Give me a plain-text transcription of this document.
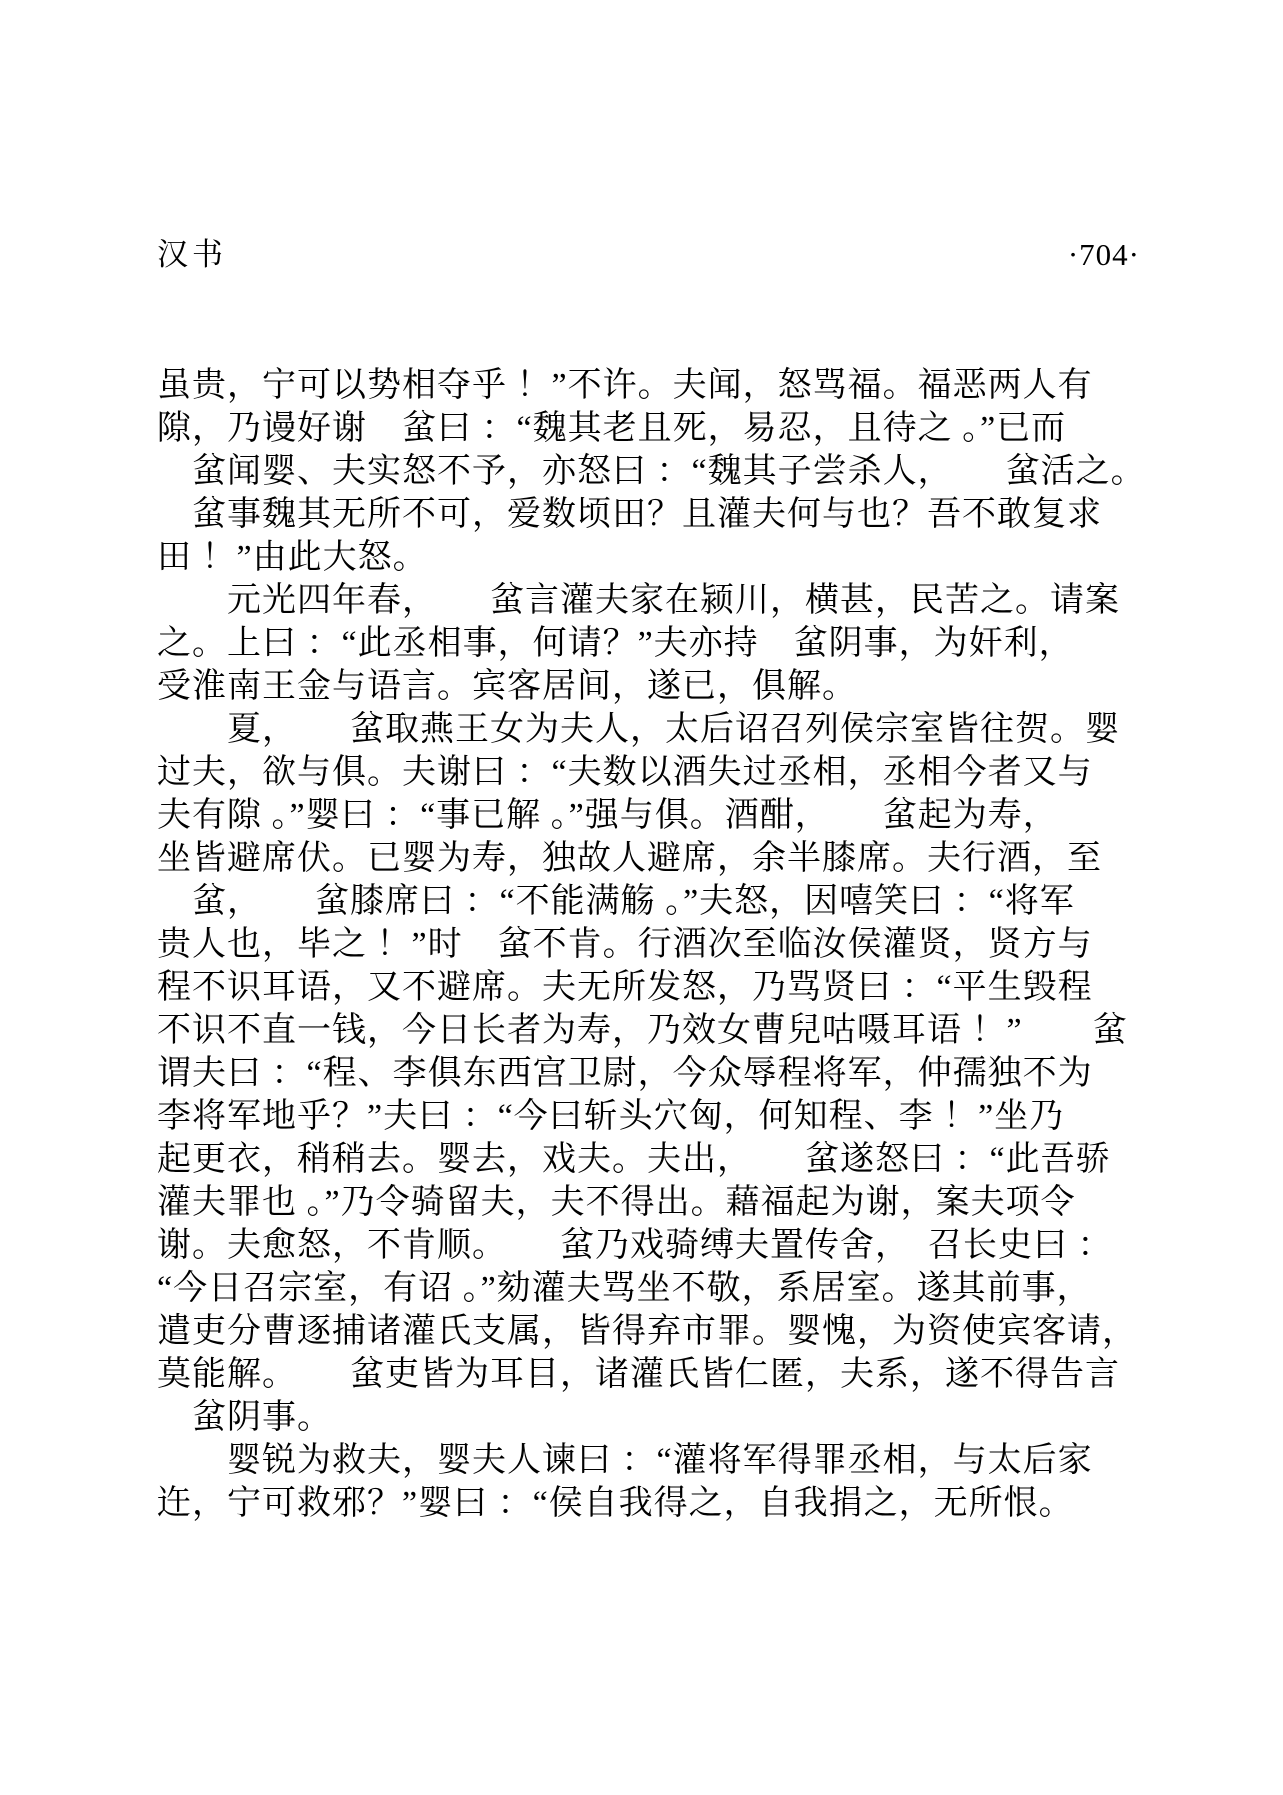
汉书	·704·
虽贵，宁可以势相夺乎 ！”不许。夫闻，怒骂福。福恶两人有
隙，乃谩好谢　蚠曰 ：“魏其老且死，易忍，且待之 。”已而
　蚠闻婴、夫实怒不予，亦怒曰 ：“魏其子尝杀人，　　蚠活之。
　蚠事魏其无所不可，爱数顷田？且灌夫何与也？吾不敢复求
田 ！”由此大怒。
　　元光四年春，　　蚠言灌夫家在颍川，横甚，民苦之。请案
之。上曰 ：“此丞相事，何请？”夫亦持　蚠阴事，为奸利，
受淮南王金与语言。宾客居间，遂已，俱解。
　　夏，　　蚠取燕王女为夫人，太后诏召列侯宗室皆往贺。婴
过夫，欲与俱。夫谢曰 ：“夫数以酒失过丞相，丞相今者又与
夫有隙 。”婴曰 ：“事已解 。”强与俱。酒酣，　　蚠起为寿，
坐皆避席伏。已婴为寿，独故人避席，余半膝席。夫行酒，至
　蚠，　　蚠膝席曰 ：“不能满觞 。”夫怒，因嘻笑曰 ：“将军
贵人也，毕之 ！”时　蚠不肯。行酒次至临汝侯灌贤，贤方与
程不识耳语，又不避席。夫无所发怒，乃骂贤曰 ：“平生毁程
不识不直一钱，今日长者为寿，乃效女曹兒咕嗫耳语 ！”　　蚠
谓夫曰 ：“程、李俱东西宫卫尉，今众辱程将军，仲孺独不为
李将军地乎？”夫曰 ：“今曰斩头穴匈，何知程、李 ！”坐乃
起更衣，稍稍去。婴去，戏夫。夫出，　　蚠遂怒曰 ：“此吾骄
灌夫罪也 。”乃令骑留夫，夫不得出。藉福起为谢，案夫项令
谢。夫愈怒，不肯顺。　　蚠乃戏骑缚夫置传舍，　召长史曰 ：
“今日召宗室，有诏 。”劾灌夫骂坐不敬，系居室。遂其前事，
遣吏分曹逐捕诸灌氏支属，皆得弃市罪。婴愧，为资使宾客请，
莫能解。　　蚠吏皆为耳目，诸灌氏皆仁匿，夫系，遂不得告言
　蚠阴事。
　　婴锐为救夫，婴夫人谏曰 ：“灌将军得罪丞相，与太后家
迕，宁可救邪？”婴曰 ：“侯自我得之，自我捐之，无所恨。
